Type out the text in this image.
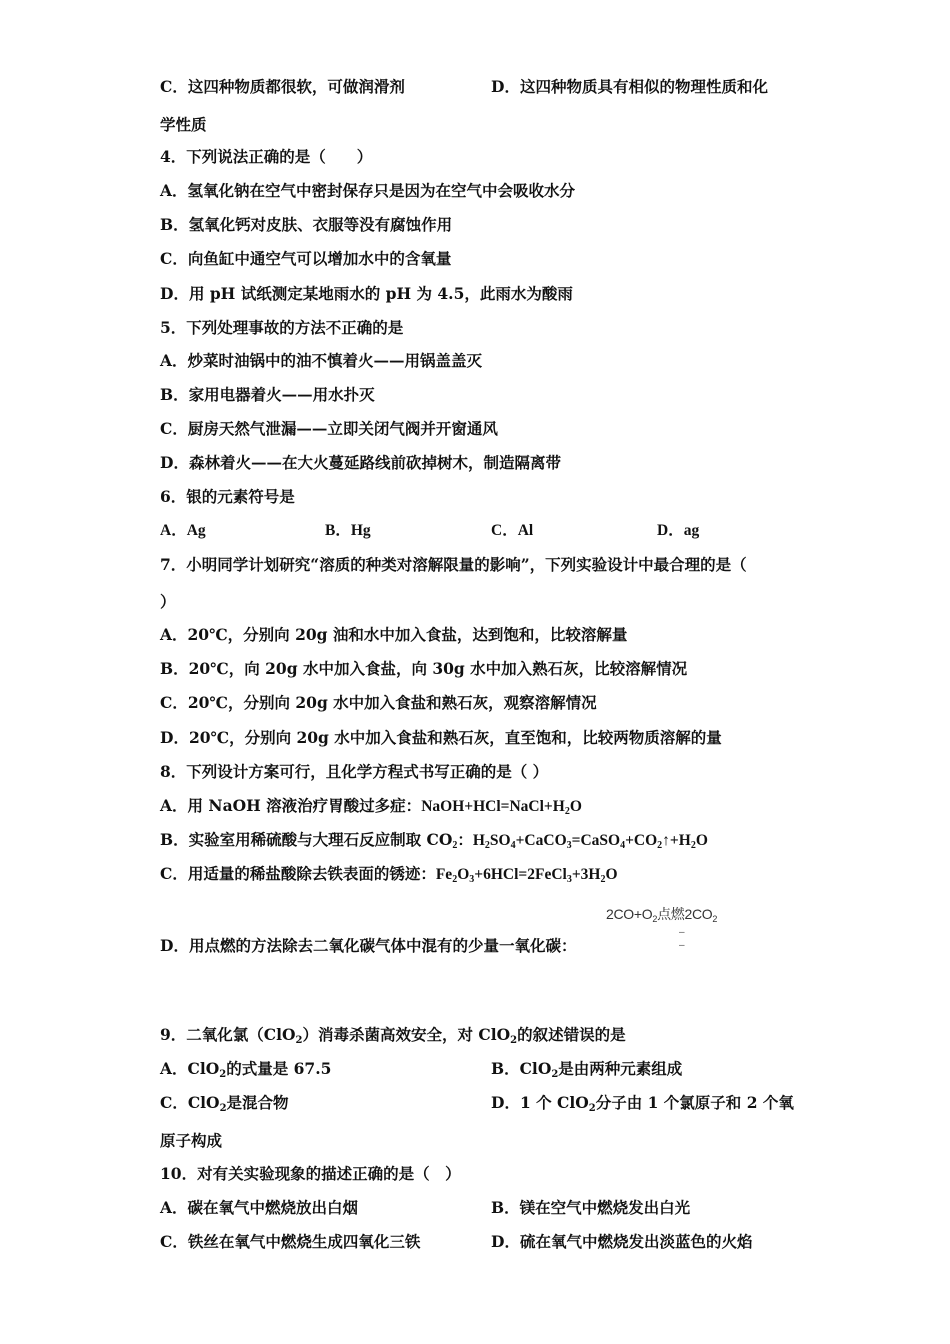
C．这四种物质都很软，可做润滑剂	D．这四种物质具有相似的物理性质和化
学性质
4．下列说法正确的是（　　）
A．氢氧化钠在空气中密封保存只是因为在空气中会吸收水分
B．氢氧化钙对皮肤、衣服等没有腐蚀作用
C．向鱼缸中通空气可以增加水中的含氧量
D．用 pH 试纸测定某地雨水的 pH 为 4.5，此雨水为酸雨
5．下列处理事故的方法不正确的是
A．炒菜时油锅中的油不慎着火——用锅盖盖灭
B．家用电器着火——用水扑灭
C．厨房天然气泄漏——立即关闭气阀并开窗通风
D．森林着火——在大火蔓延路线前砍掉树木，制造隔离带
6．银的元素符号是
A．Ag	B．Hg	C．Al	D．ag
7．小明同学计划研究“溶质的种类对溶解限量的影响”，下列实验设计中最合理的是（
）
A．20℃，分别向 20g 油和水中加入食盐，达到饱和，比较溶解量
B．20℃，向 20g 水中加入食盐，向 30g 水中加入熟石灰，比较溶解情况
C．20℃，分别向 20g 水中加入食盐和熟石灰，观察溶解情况
D．20℃，分别向 20g 水中加入食盐和熟石灰，直至饱和，比较两物质溶解的量
8．下列设计方案可行，且化学方程式书写正确的是（ ）
A．用 NaOH 溶液治疗胃酸过多症：$NaOH+HCl=NaCl+H_2O$
B．实验室用稀硫酸与大理石反应制取 $CO_2$：$H_2SO_4+CaCO_3=CaSO_4+CO_2↑+H_2O$
C．用适量的稀盐酸除去铁表面的锈迹：$Fe_2O_3+6HCl=2FeCl_3+3H_2O$
$2CO+O_2$点燃$2CO_2$
–
–
D．用点燃的方法除去二氧化碳气体中混有的少量一氧化碳：
9．二氧化氯（ClO$_2$）消毒杀菌高效安全，对 ClO$_2$的叙述错误的是
A．ClO$_2$的式量是 67.5	B．ClO$_2$是由两种元素组成
C．ClO$_2$是混合物	D．1 个 ClO$_2$分子由 1 个氯原子和 2 个氧
原子构成
10．对有关实验现象的描述正确的是（　）
A．碳在氧气中燃烧放出白烟	B．镁在空气中燃烧发出白光
C．铁丝在氧气中燃烧生成四氧化三铁	D．硫在氧气中燃烧发出淡蓝色的火焰
